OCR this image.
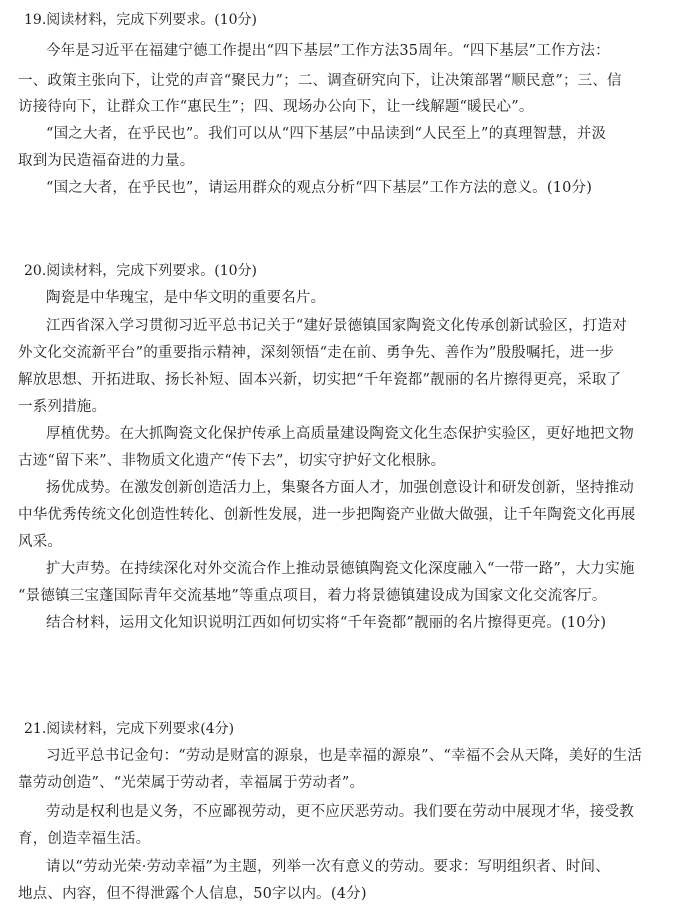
19.阅读材料，完成下列要求。(10分)
今年是习近平在福建宁德工作提出“四下基层”工作方法35周年。“四下基层”工作方法：
一、政策主张向下，让党的声音“聚民力”；二、调查研究向下，让决策部署“顺民意”；三、信
访接待向下，让群众工作“惠民生”；四、现场办公向下，让一线解题“暖民心”。
“国之大者，在乎民也”。我们可以从“四下基层”中品读到“人民至上”的真理智慧，并汲
取到为民造福奋进的力量。
“国之大者，在乎民也”，请运用群众的观点分析“四下基层”工作方法的意义。(10分)
20.阅读材料，完成下列要求。(10分)
陶瓷是中华瑰宝，是中华文明的重要名片。
江西省深入学习贯彻习近平总书记关于“建好景德镇国家陶瓷文化传承创新试验区，打造对
外文化交流新平台”的重要指示精神，深刻领悟“走在前、勇争先、善作为”殷殷嘱托，进一步
解放思想、开拓进取、扬长补短、固本兴新，切实把“千年瓷都”靓丽的名片擦得更亮，采取了
一系列措施。
厚植优势。在大抓陶瓷文化保护传承上高质量建设陶瓷文化生态保护实验区，更好地把文物
古迹“留下来”、非物质文化遗产“传下去”，切实守护好文化根脉。
扬优成势。在激发创新创造活力上，集聚各方面人才，加强创意设计和研发创新，坚持推动
中华优秀传统文化创造性转化、创新性发展，进一步把陶瓷产业做大做强，让千年陶瓷文化再展
风采。
扩大声势。在持续深化对外交流合作上推动景德镇陶瓷文化深度融入“一带一路”，大力实施
“景德镇三宝蓬国际青年交流基地”等重点项目，着力将景德镇建设成为国家文化交流客厅。
结合材料，运用文化知识说明江西如何切实将“千年瓷都”靓丽的名片擦得更亮。(10分)
21.阅读材料，完成下列要求(4分)
习近平总书记金句：“劳动是财富的源泉，也是幸福的源泉”、“幸福不会从天降，美好的生活
靠劳动创造”、“光荣属于劳动者，幸福属于劳动者”。
劳动是权利也是义务，不应鄙视劳动，更不应厌恶劳动。我们要在劳动中展现才华，接受教
育，创造幸福生活。
请以“劳动光荣·劳动幸福”为主题，列举一次有意义的劳动。要求：写明组织者、时间、
地点、内容，但不得泄露个人信息，50字以内。(4分)
